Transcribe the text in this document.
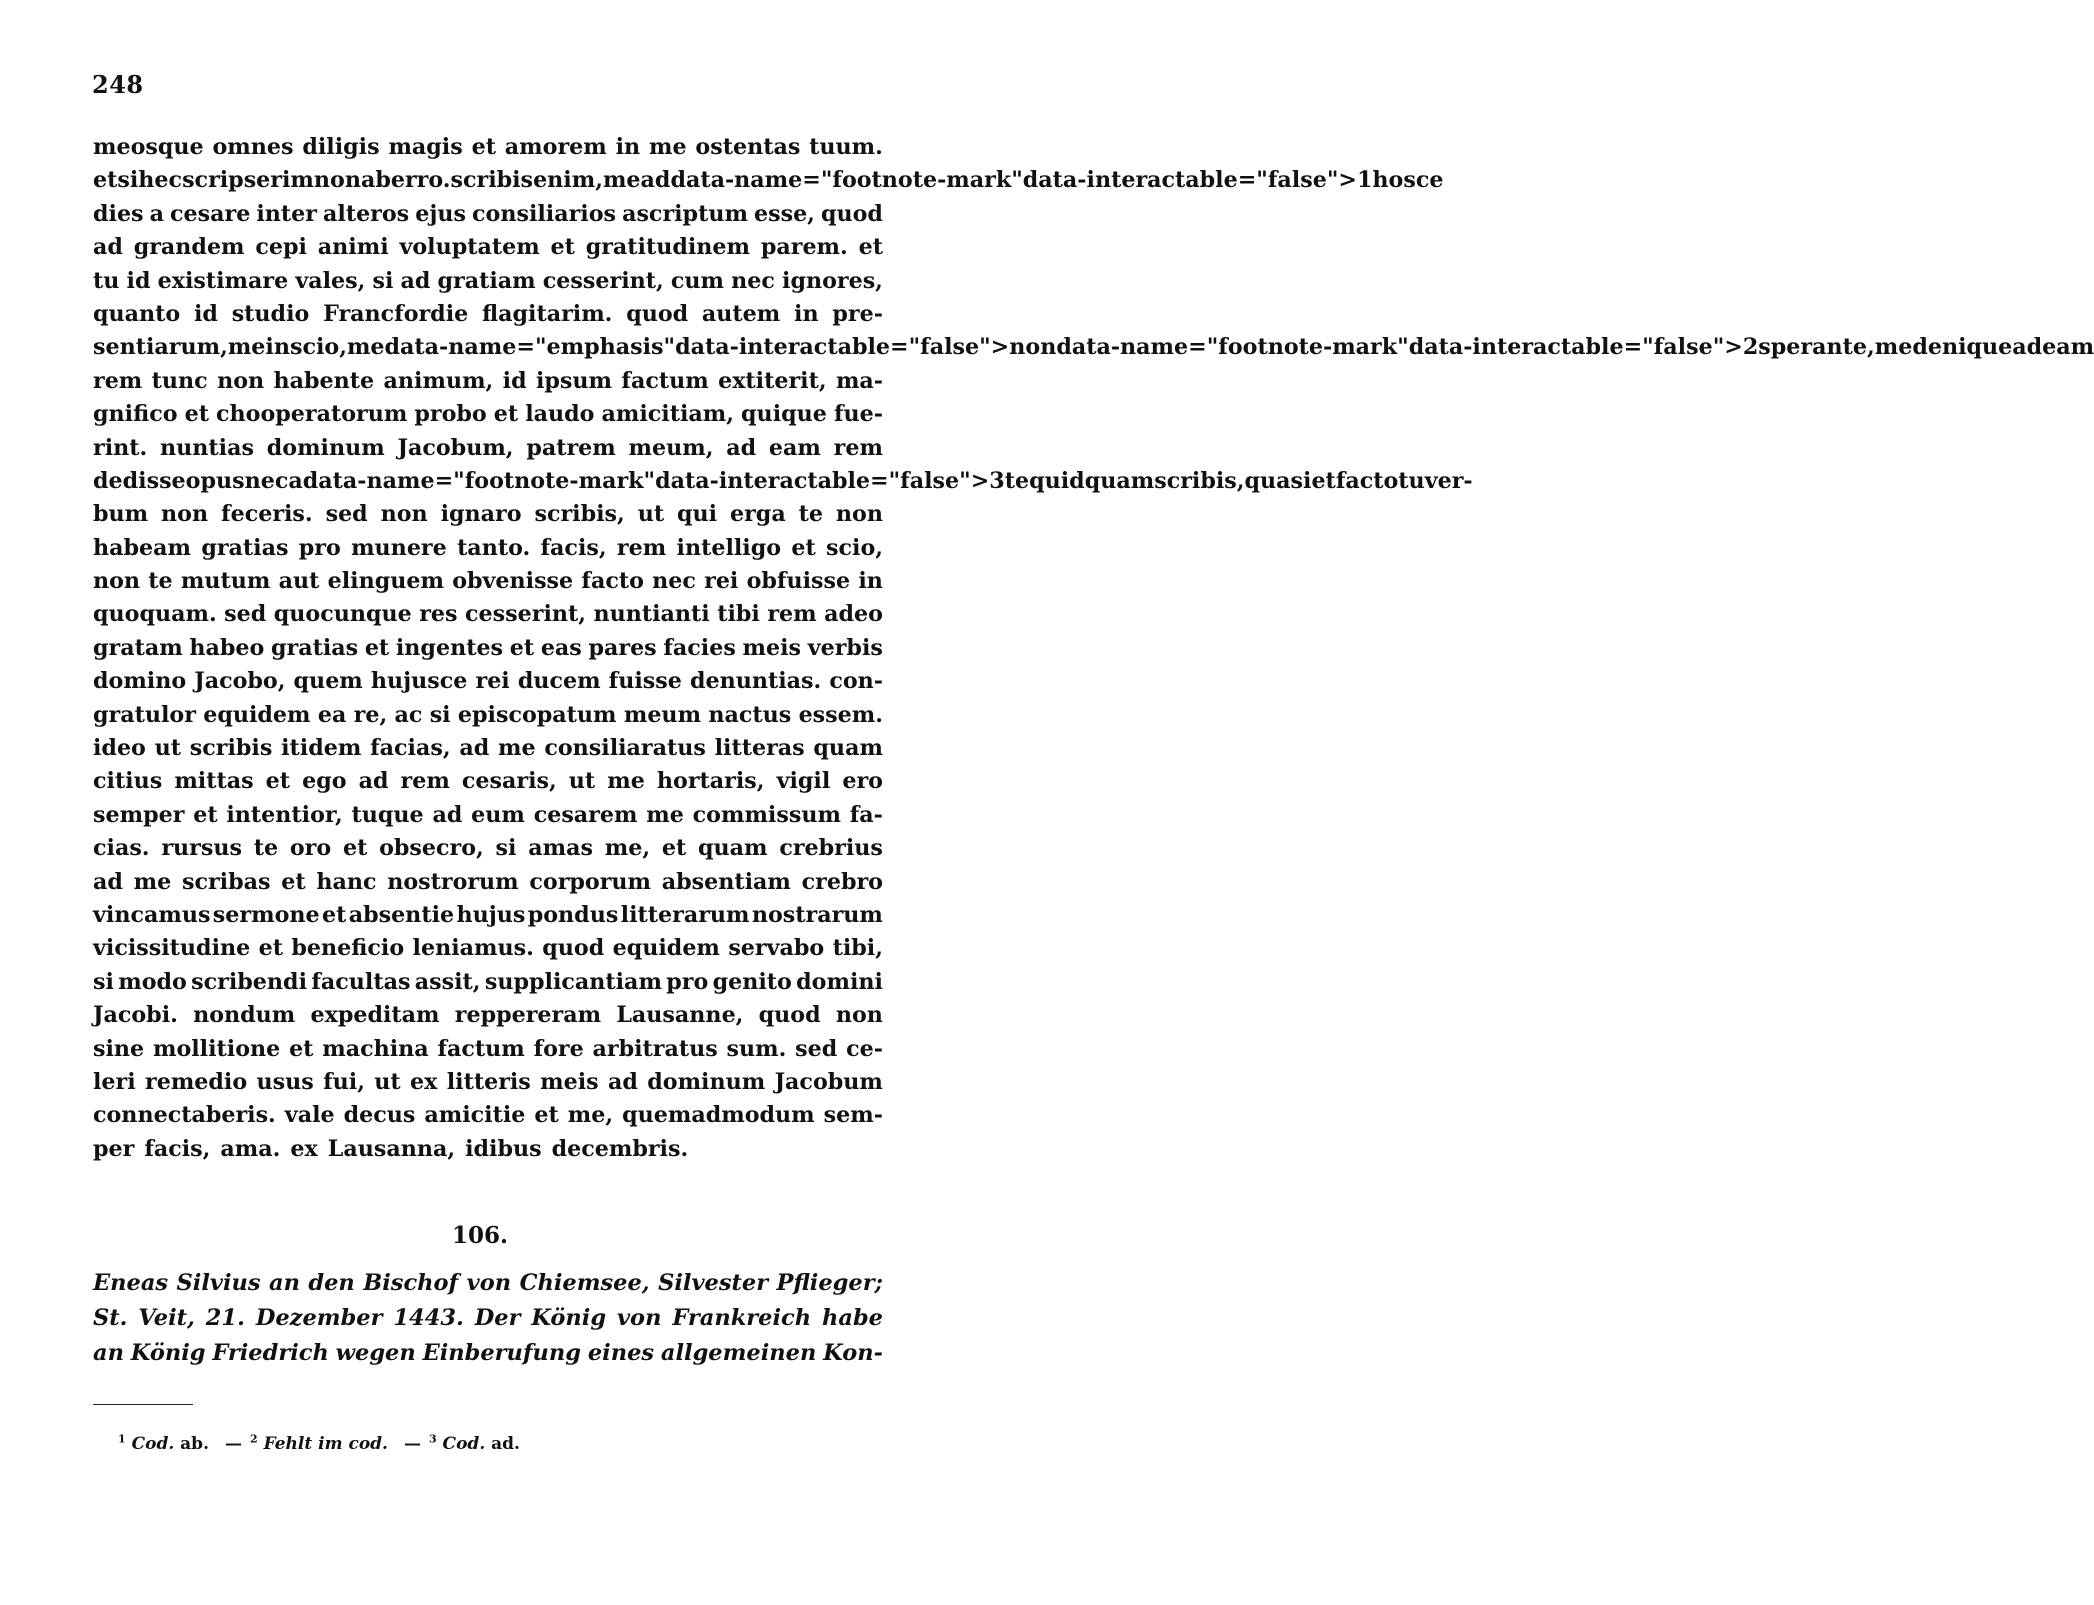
248
meosque omnes diligis magis et amorem in me ostentas tuum.
et si hec scripserim non aberro. scribis enim, me ad data-name="footnote-mark" data-interactable="false">1 hosce
dies a cesare inter alteros ejus consiliarios ascriptum esse, quod
ad grandem cepi animi voluptatem et gratitudinem parem. et
tu id existimare vales, si ad gratiam cesserint, cum nec ignores,
quanto id studio Francfordie flagitarim. quod autem in pre-
sentiarum, me inscio, me data-name="emphasis" data-interactable="false">non data-name="footnote-mark" data-interactable="false">2 sperante, me denique ad eam
rem tunc non habente animum, id ipsum factum extiterit, ma-
gnifico et chooperatorum probo et laudo amicitiam, quique fue-
rint. nuntias dominum Jacobum, patrem meum, ad eam rem
dedisse opus nec a data-name="footnote-mark" data-interactable="false">3 te quidquam scribis, quasi et facto tu ver-
bum non feceris. sed non ignaro scribis, ut qui erga te non
habeam gratias pro munere tanto. facis, rem intelligo et scio,
non te mutum aut elinguem obvenisse facto nec rei obfuisse in
quoquam. sed quocunque res cesserint, nuntianti tibi rem adeo
gratam habeo gratias et ingentes et eas pares facies meis verbis
domino Jacobo, quem hujusce rei ducem fuisse denuntias. con-
gratulor equidem ea re, ac si episcopatum meum nactus essem.
ideo ut scribis itidem facias, ad me consiliaratus litteras quam
citius mittas et ego ad rem cesaris, ut me hortaris, vigil ero
semper et intentior, tuque ad eum cesarem me commissum fa-
cias. rursus te oro et obsecro, si amas me, et quam crebrius
ad me scribas et hanc nostrorum corporum absentiam crebro
vincamus sermone et absentie hujus pondus litterarum nostrarum
vicissitudine et beneficio leniamus. quod equidem servabo tibi,
si modo scribendi facultas assit, supplicantiam pro genito domini
Jacobi. nondum expeditam reppereram Lausanne, quod non
sine mollitione et machina factum fore arbitratus sum. sed ce-
leri remedio usus fui, ut ex litteris meis ad dominum Jacobum
connectaberis. vale decus amicitie et me, quemadmodum sem-
per facis, ama. ex Lausanna, idibus decembris.
106.
Eneas Silvius an den Bischof von Chiemsee, Silvester Pflieger;
St. Veit, 21. Dezember 1443. Der König von Frankreich habe
an König Friedrich wegen Einberufung eines allgemeinen Kon-
$^1$ Cod. ab. — $^2$ Fehlt im cod. — $^3$ Cod. ad.
